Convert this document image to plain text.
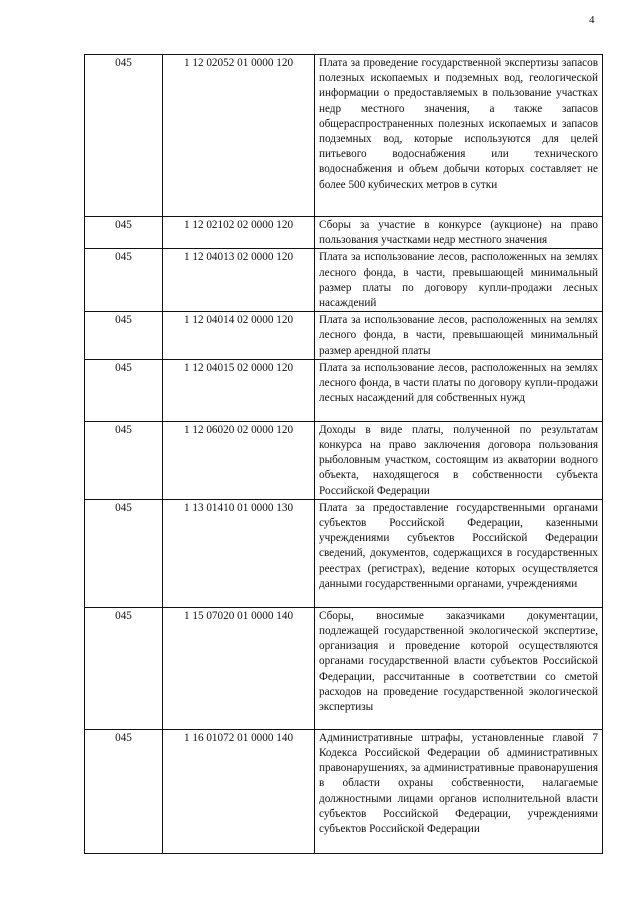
4
045	1 12 02052 01 0000 120	Плата за проведение государственной экспертизы запасов полезных ископаемых и подземных вод, геологической информации о предоставляемых в пользование участках недр местного значения, а также запасов общераспространенных полезных ископаемых и запасов подземных вод, которые используются для целей питьевого водоснабжения или технического водоснабжения и объем добычи которых составляет не более 500 кубических метров в сутки
045	1 12 02102 02 0000 120	Сборы за участие в конкурсе (аукционе) на право пользования участками недр местного значения
045	1 12 04013 02 0000 120	Плата за использование лесов, расположенных на землях лесного фонда, в части, превышающей минимальный размер платы по договору купли-продажи лесных насаждений
045	1 12 04014 02 0000 120	Плата за использование лесов, расположенных на землях лесного фонда, в части, превышающей минимальный размер арендной платы
045	1 12 04015 02 0000 120	Плата за использование лесов, расположенных на землях лесного фонда, в части платы по договору купли-продажи лесных насаждений для собственных нужд
045	1 12 06020 02 0000 120	Доходы в виде платы, полученной по результатам конкурса на право заключения договора пользования рыболовным участком, состоящим из акватории водного объекта, находящегося в собственности субъекта Российской Федерации
045	1 13 01410 01 0000 130	Плата за предоставление государственными органами субъектов Российской Федерации, казенными учреждениями субъектов Российской Федерации сведений, документов, содержащихся в государственных реестрах (регистрах), ведение которых осуществляется данными государственными органами, учреждениями
045	1 15 07020 01 0000 140	Сборы, вносимые заказчиками документации, подлежащей государственной экологической экспертизе, организация и проведение которой осуществляются органами государственной власти субъектов Российской Федерации, рассчитанные в соответствии со сметой расходов на проведение государственной экологической экспертизы
045	1 16 01072 01 0000 140	Административные штрафы, установленные главой 7 Кодекса Российской Федерации об административных правонарушениях, за административные правонарушения в области охраны собственности, налагаемые должностными лицами органов исполнительной власти субъектов Российской Федерации, учреждениями субъектов Российской Федерации
